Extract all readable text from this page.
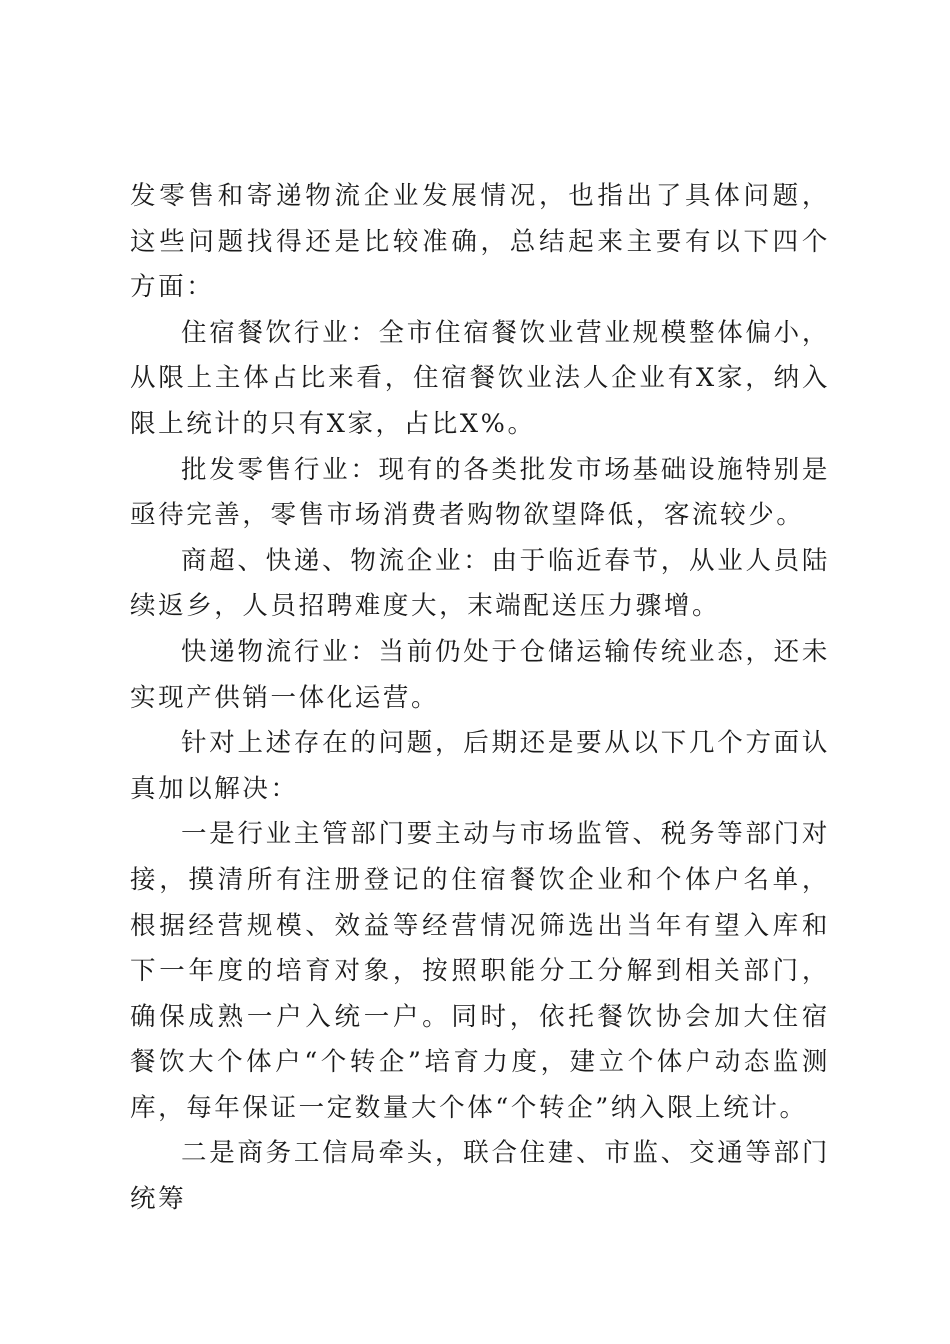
发零售和寄递物流企业发展情况，也指出了具体问题，这些问题找得还是比较准确，总结起来主要有以下四个方面：

住宿餐饮行业：全市住宿餐饮业营业规模整体偏小，从限上主体占比来看，住宿餐饮业法人企业有X家，纳入限上统计的只有X家，占比X%。

批发零售行业：现有的各类批发市场基础设施特别是亟待完善，零售市场消费者购物欲望降低，客流较少。

商超、快递、物流企业：由于临近春节，从业人员陆续返乡，人员招聘难度大，末端配送压力骤增。

快递物流行业：当前仍处于仓储运输传统业态，还未实现产供销一体化运营。

针对上述存在的问题，后期还是要从以下几个方面认真加以解决：

一是行业主管部门要主动与市场监管、税务等部门对接，摸清所有注册登记的住宿餐饮企业和个体户名单，根据经营规模、效益等经营情况筛选出当年有望入库和下一年度的培育对象，按照职能分工分解到相关部门，确保成熟一户入统一户。同时，依托餐饮协会加大住宿餐饮大个体户“个转企”培育力度，建立个体户动态监测库，每年保证一定数量大个体“个转企”纳入限上统计。

二是商务工信局牵头，联合住建、市监、交通等部门统筹
